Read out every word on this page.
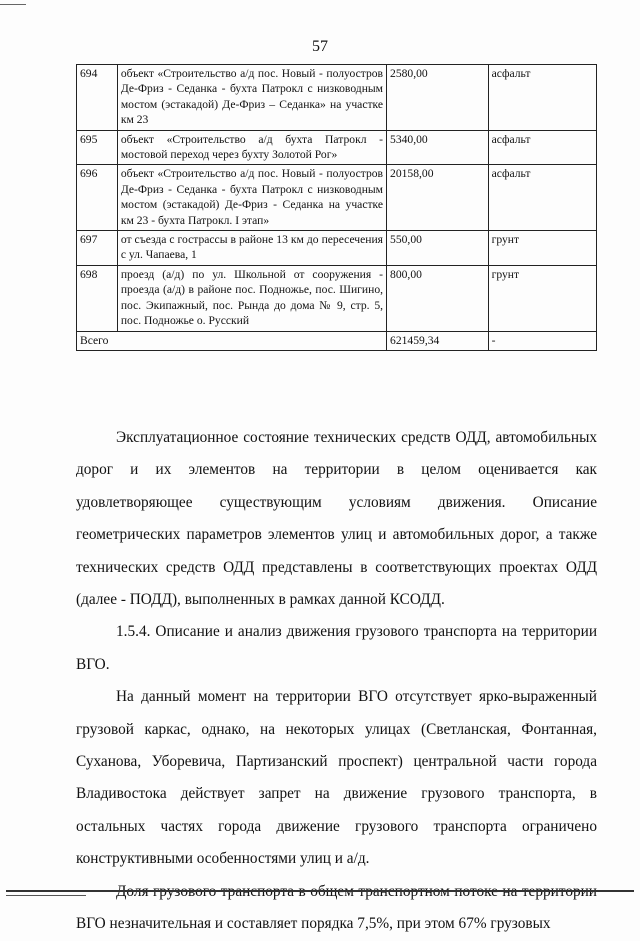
57
694	объект «Строительство а/д пос. Новый - полуостров Де-Фриз - Седанка - бухта Патрокл с низководным мостом (эстакадой) Де-Фриз – Седанка» на участке км 23	2580,00	асфальт
695	объект «Строительство а/д бухта Патрокл - мостовой переход через бухту Золотой Рог»	5340,00	асфальт
696	объект «Строительство а/д пос. Новый - полуостров Де-Фриз - Седанка - бухта Патрокл с низководным мостом (эстакадой) Де-Фриз - Седанка на участке км 23 - бухта Патрокл. I этап»	20158,00	асфальт
697	от съезда с гострассы в районе 13 км до пересечения с ул. Чапаева, 1	550,00	грунт
698	проезд (а/д) по ул. Школьной от сооружения - проезда (а/д) в районе пос. Подножье, пос. Шигино, пос. Экипажный, пос. Рында до дома № 9, стр. 5, пос. Подножье о. Русский	800,00	грунт
Всего		621459,34	-

Эксплуатационное состояние технических средств ОДД, автомобильных дорог и их элементов на территории в целом оценивается как удовлетворяющее существующим условиям движения. Описание геометрических параметров элементов улиц и автомобильных дорог, а также технических средств ОДД представлены в соответствующих проектах ОДД (далее - ПОДД), выполненных в рамках данной КСОДД.

1.5.4. Описание и анализ движения грузового транспорта на территории ВГО.

На данный момент на территории ВГО отсутствует ярко-выраженный грузовой каркас, однако, на некоторых улицах (Светланская, Фонтанная, Суханова, Уборевича, Партизанский проспект) центральной части города Владивостока действует запрет на движение грузового транспорта, в остальных частях города движение грузового транспорта ограничено конструктивными особенностями улиц и а/д.

ВГО незначительная и составляет порядка 7,5%, при этом 67% грузовых
